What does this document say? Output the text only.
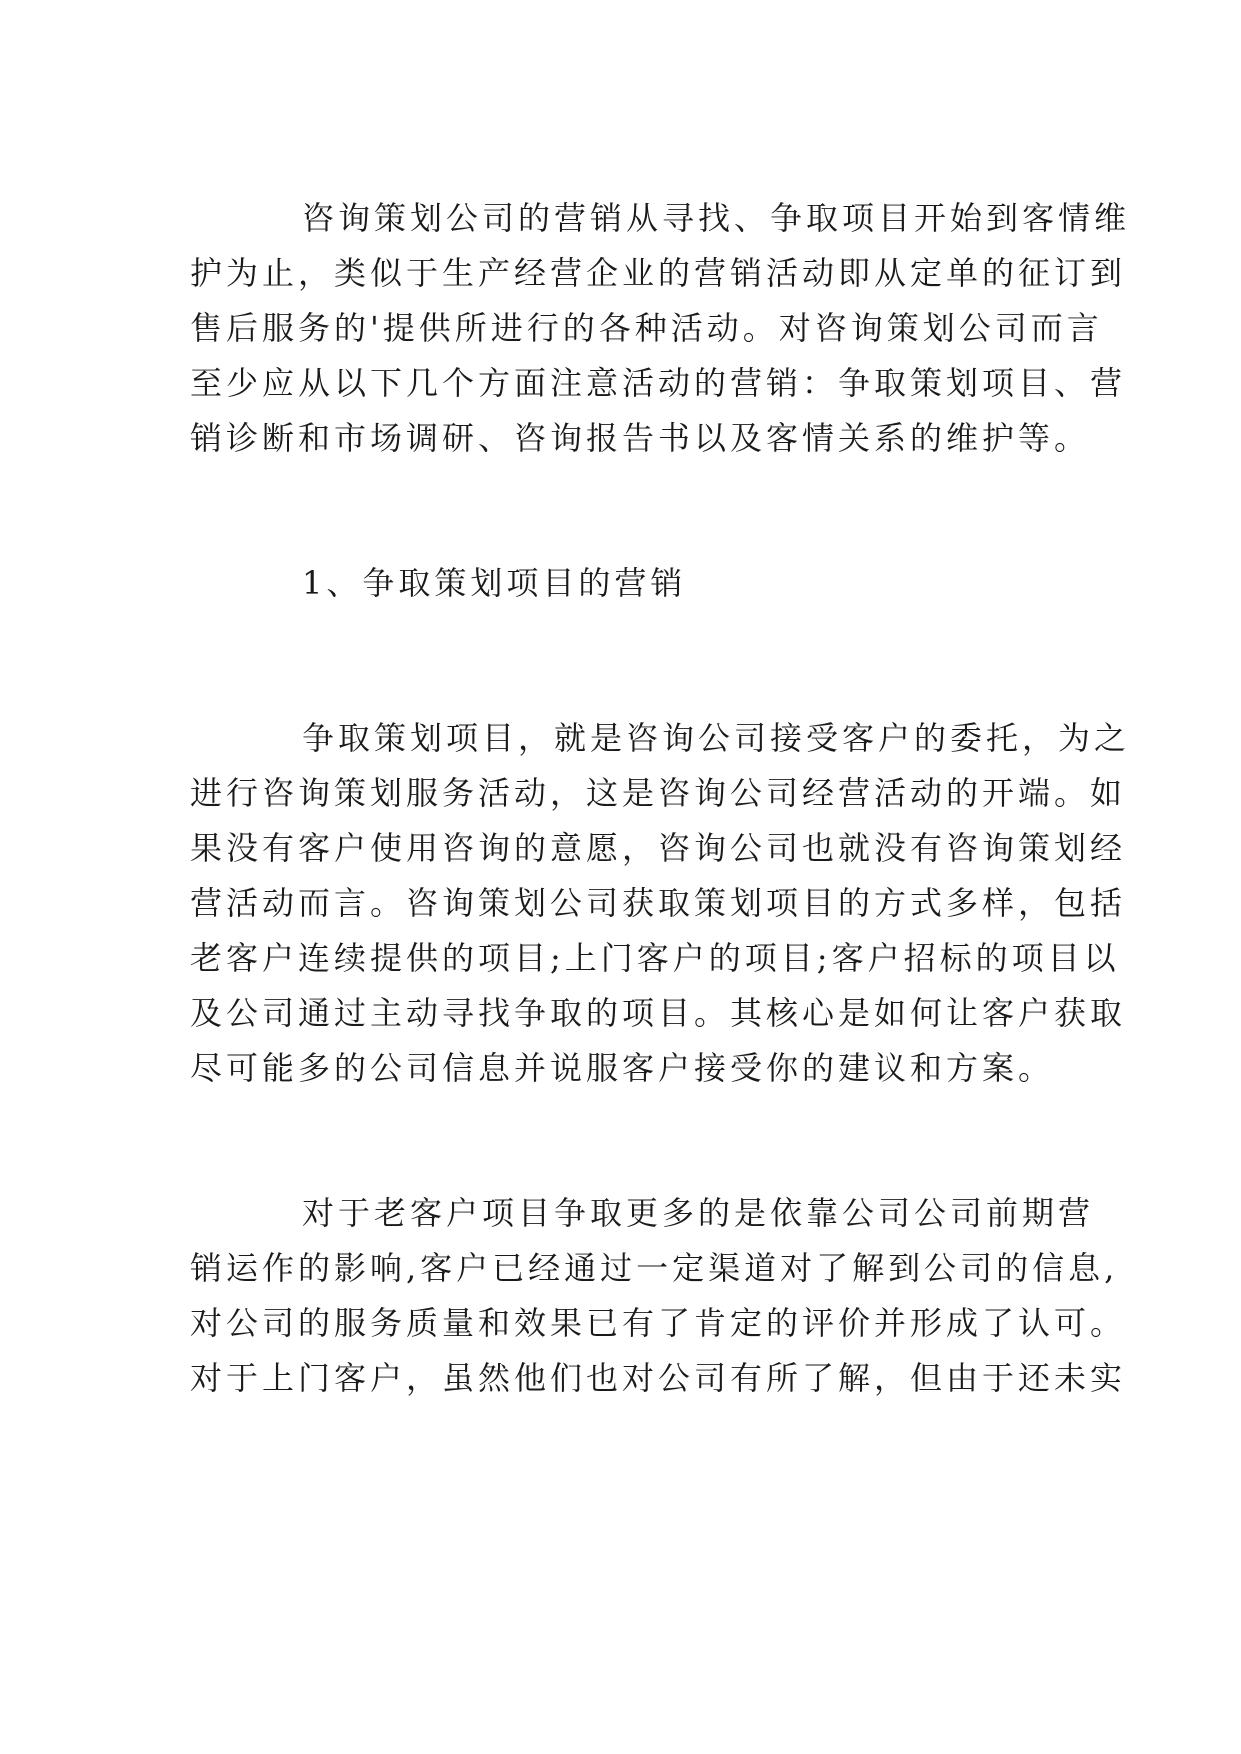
咨询策划公司的营销从寻找、争取项目开始到客情维
护为止，类似于生产经营企业的营销活动即从定单的征订到
售后服务的'提供所进行的各种活动。对咨询策划公司而言
至少应从以下几个方面注意活动的营销：争取策划项目、营
销诊断和市场调研、咨询报告书以及客情关系的维护等。
1、争取策划项目的营销
争取策划项目，就是咨询公司接受客户的委托，为之
进行咨询策划服务活动，这是咨询公司经营活动的开端。如
果没有客户使用咨询的意愿，咨询公司也就没有咨询策划经
营活动而言。咨询策划公司获取策划项目的方式多样，包括
老客户连续提供的项目;上门客户的项目;客户招标的项目以
及公司通过主动寻找争取的项目。其核心是如何让客户获取
尽可能多的公司信息并说服客户接受你的建议和方案。
对于老客户项目争取更多的是依靠公司公司前期营
销运作的影响,客户已经通过一定渠道对了解到公司的信息,
对公司的服务质量和效果已有了肯定的评价并形成了认可。
对于上门客户，虽然他们也对公司有所了解，但由于还未实
